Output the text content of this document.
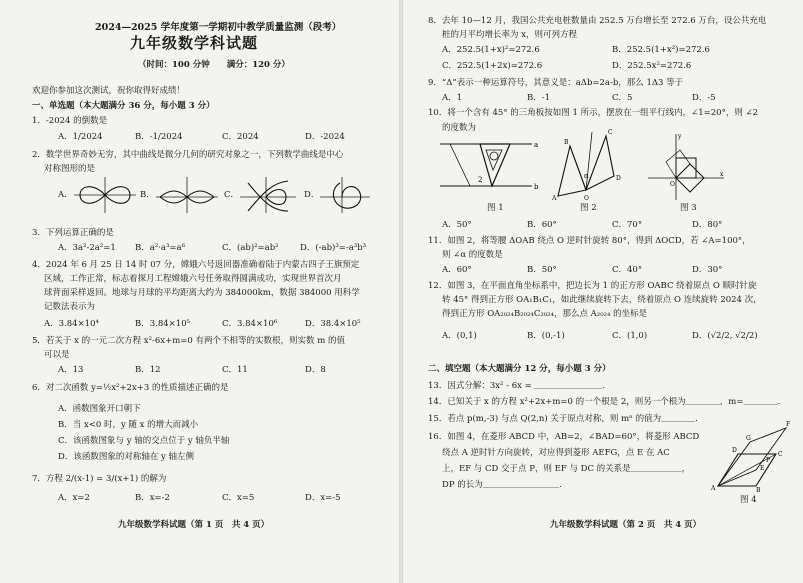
2024—2025 学年度第一学期初中教学质量监测（段考）
九年级数学科试题
（时间：100 分钟　　满分：120 分）
欢迎你参加这次测试，祝你取得好成绩！
一、单选题（本大题满分 36 分，每小题 3 分）
1．-2024 的倒数是
A．1/2024	B．-1/2024	C．2024	D．-2024
2．数学世界奇妙无穷，其中曲线是微分几何的研究对象之一，下列数学曲线是中心
对称图形的是
A．	B．	C．	D．
3．下列运算正确的是
A．3a²-2a²=1 B．a²·a³=a⁶	C．(ab)²=ab²	D．(-ab)³=-a³b³
4．2024 年 6 月 25 日 14 时 07 分，嫦娥六号返回器准确着陆于内蒙古四子王旗预定
区域，工作正常，标志着探月工程嫦娥六号任务取得圆满成功，实现世界首次月
球背面采样返回。地球与月球的平均距离大约为 384000km，数据 384000 用科学
记数法表示为
A．3.84×10⁴	B．3.84×10⁵	C．3.84×10⁶	D．38.4×10⁵
5．若关于 x 的一元二次方程 x²-6x+m=0 有两个不相等的实数根，则实数 m 的值
可以是
A．13	B．12	C．11	D．8
6．对二次函数 y=½x²+2x+3 的性质描述正确的是
A．函数图象开口朝下
B．当 x<0 时，y 随 x 的增大而减小
C．该函数图象与 y 轴的交点位于 y 轴负半轴
D．该函数图象的对称轴在 y 轴左侧
7．方程 2/(x-1) = 3/(x+1) 的解为
A．x=2	B．x=-2	C．x=5	D．x=-5
九年级数学科试题（第 1 页　共 4 页）
8．去年 10—12 月，我国公共充电桩数量由 252.5 万台增长至 272.6 万台，设公共充电
桩的月平均增长率为 x，则可列方程
A．252.5(1+x)²=272.6	B．252.5(1+x²)=272.6
C．252.5(1+2x)=272.6	D．252.5x²=272.6
9．“Δ”表示一种运算符号，其意义是：aΔb=2a-b，那么 1Δ3 等于
A．1	B．-1	C．5	D．-5
10．将一个含有 45° 的三角板按如图 1 所示，摆放在一组平行线内，∠1=20°，则 ∠2
的度数为
a
b
2	α
A
B
C
D
O
x
y
O
图 1	图 2	图 3
A．50°	B．60°	C．70°	D．80°
11．如图 2，将等腰 ΔOAB 绕点 O 逆时针旋转 80°，得到 ΔOCD，若 ∠A=100°，
则 ∠α 的度数是
A．60°	B．50°	C．40°	D．30°
12．如图 3，在平面直角坐标系中，把边长为 1 的正方形 OABC 绕着原点 O 顺时针旋
转 45° 得到正方形 OA₁B₁C₁，如此继续旋转下去，绕着原点 O 连续旋转 2024 次，
得到正方形 OA₂₀₂₄B₂₀₂₄C₂₀₂₄，那么点 A₂₀₂₄ 的坐标是
A．(0,1)	B．(0,-1)	C．(1,0)	D．(√2/2, √2/2)
二、填空题（本大题满分 12 分，每小题 3 分）
13．因式分解：3x² - 6x = ＿＿＿＿＿＿＿＿.
14．已知关于 x 的方程 x²+2x+m=0 的一个根是 2，则另一个根为＿＿＿＿，m=＿＿＿＿.
15．若点 p(m,-3) 与点 Q(2,n) 关于原点对称，则 mⁿ 的值为＿＿＿＿.
16．如图 4，在菱形 ABCD 中，AB=2，∠BAD=60°，将菱形 ABCD
绕点 A 逆时针方向旋转，对应得到菱形 AEFG，点 E 在 AC
上，EF 与 CD 交于点 P，则 EF 与 DC 的关系是＿＿＿＿＿＿，
DP 的长为＿＿＿＿＿＿＿＿＿.	A	B
C
D
F
G
E
P
图 4
九年级数学科试题（第 2 页　共 4 页）
